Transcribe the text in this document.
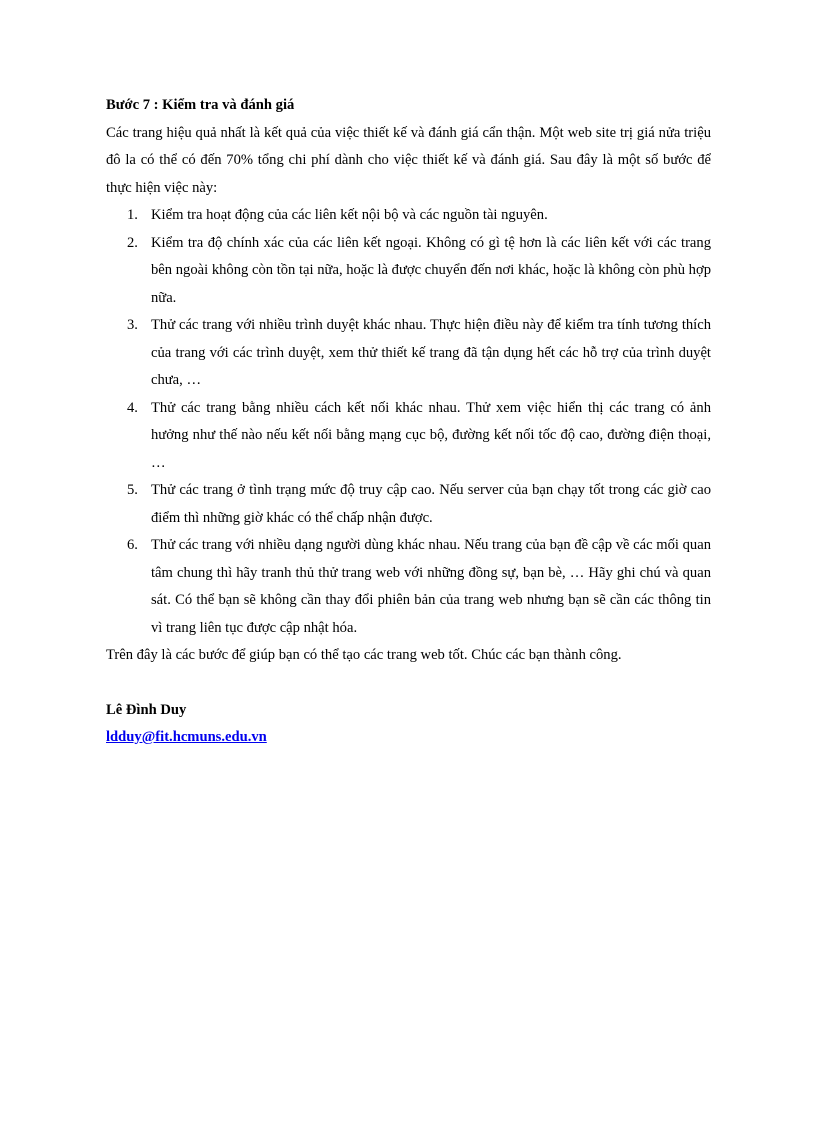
Bước 7 : Kiểm tra và đánh giá

Các trang hiệu quả nhất là kết quả của việc thiết kế và đánh giá cẩn thận. Một web site trị giá nửa triệu đô la có thể có đến 70% tổng chi phí dành cho việc thiết kế và đánh giá. Sau đây là một số bước để thực hiện việc này:

1. Kiểm tra hoạt động của các liên kết nội bộ và các nguồn tài nguyên.
2. Kiểm tra độ chính xác của các liên kết ngoại. Không có gì tệ hơn là các liên kết với các trang bên ngoài không còn tồn tại nữa, hoặc là được chuyển đến nơi khác, hoặc là không còn phù hợp nữa.
3. Thử các trang với nhiều trình duyệt khác nhau. Thực hiện điều này để kiểm tra tính tương thích của trang với các trình duyệt, xem thử thiết kế trang đã tận dụng hết các hỗ trợ của trình duyệt chưa, …
4. Thử các trang bằng nhiều cách kết nối khác nhau. Thử xem việc hiển thị các trang có ảnh hưởng như thế nào nếu kết nối bằng mạng cục bộ, đường kết nối tốc độ cao, đường điện thoại, …
5. Thử các trang ở tình trạng mức độ truy cập cao. Nếu server của bạn chạy tốt trong các giờ cao điểm thì những giờ khác có thể chấp nhận được.
6. Thử các trang với nhiều dạng người dùng khác nhau. Nếu trang của bạn đề cập về các mối quan tâm chung thì hãy tranh thủ thử trang web với những đồng sự, bạn bè, … Hãy ghi chú và quan sát. Có thể bạn sẽ không cần thay đổi phiên bản của trang web nhưng bạn sẽ cần các thông tin vì trang liên tục được cập nhật hóa.

Trên đây là các bước để giúp bạn có thể tạo các trang web tốt. Chúc các bạn thành công.

Lê Đình Duy

ldduy@fit.hcmuns.edu.vn
